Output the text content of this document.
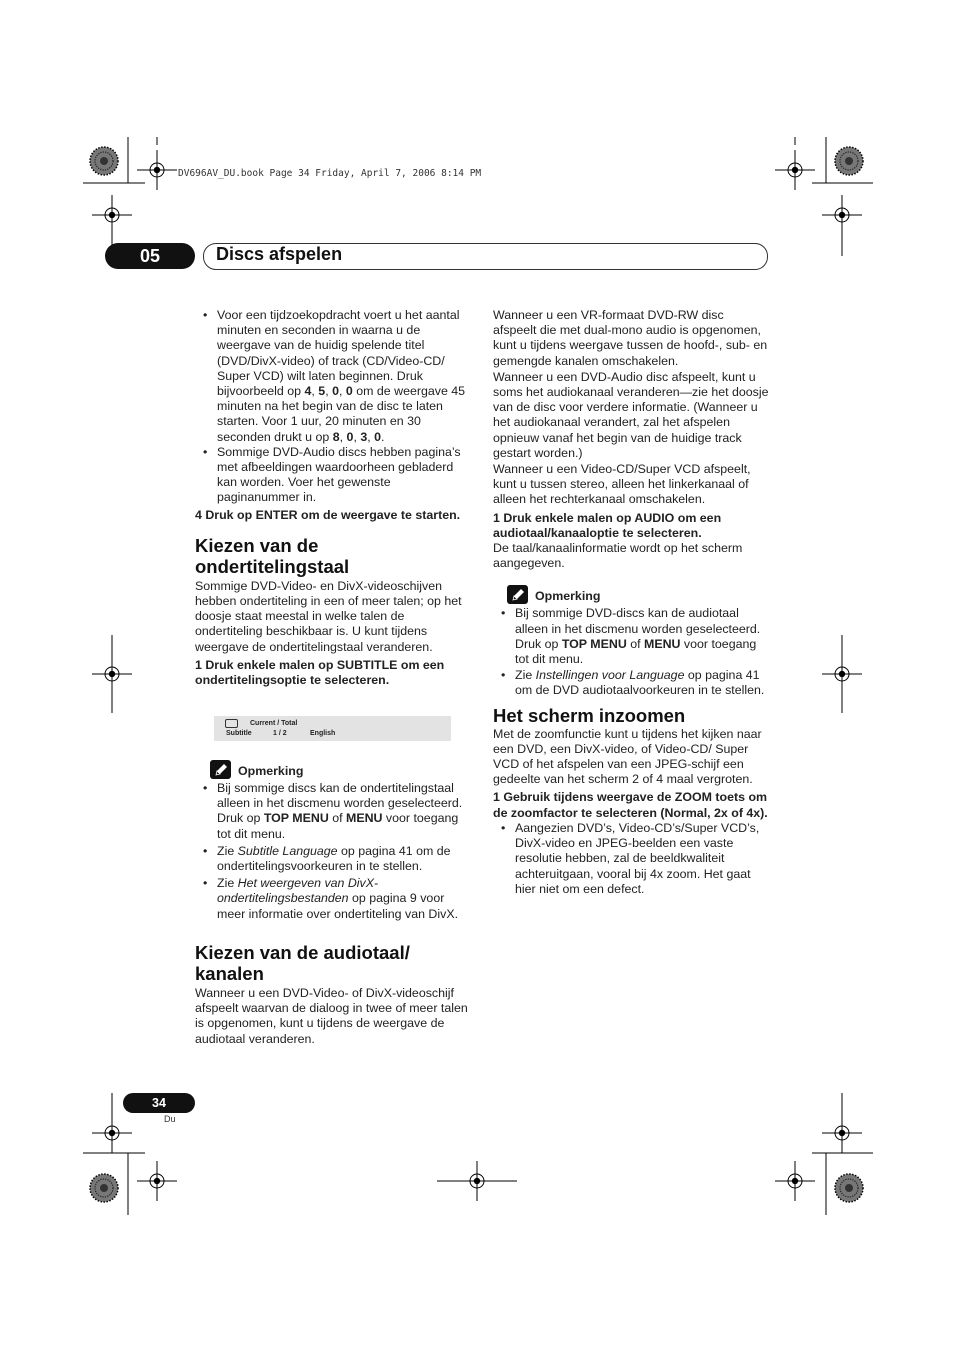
DV696AV_DU.book Page 34 Friday, April 7, 2006 8:14 PM
05	Discs afspelen

• Voor een tijdzoekopdracht voert u het aantal minuten en seconden in waarna u de weergave van de huidig spelende titel (DVD/DivX-video) of track (CD/Video-CD/ Super VCD) wilt laten beginnen. Druk bijvoorbeeld op 4, 5, 0, 0 om de weergave 45 minuten na het begin van de disc te laten starten. Voor 1 uur, 20 minuten en 30 seconden drukt u op 8, 0, 3, 0.

• Sommige DVD-Audio discs hebben pagina’s met afbeeldingen waardoorheen gebladerd kan worden. Voer het gewenste paginanummer in.

4 Druk op ENTER om de weergave te starten.

Kiezen van de ondertitelingstaal

Sommige DVD-Video- en DivX-videoschijven hebben ondertiteling in een of meer talen; op het doosje staat meestal in welke talen de ondertiteling beschikbaar is. U kunt tijdens weergave de ondertitelingstaal veranderen.

1 Druk enkele malen op SUBTITLE om een ondertitelingsoptie te selecteren.

Current / Total
Subtitle	1 / 2	English
Opmerking

• Bij sommige discs kan de ondertitelingstaal alleen in het discmenu worden geselecteerd. Druk op TOP MENU of MENU voor toegang tot dit menu.

• Zie Subtitle Language op pagina 41 om de ondertitelingsvoorkeuren in te stellen.

• Zie Het weergeven van DivX-ondertitelingsbestanden op pagina 9 voor meer informatie over ondertiteling van DivX.

Kiezen van de audiotaal/ kanalen

Wanneer u een DVD-Video- of DivX-videoschijf afspeelt waarvan de dialoog in twee of meer talen is opgenomen, kunt u tijdens de weergave de audiotaal veranderen.

Wanneer u een VR-formaat DVD-RW disc afspeelt die met dual-mono audio is opgenomen, kunt u tijdens weergave tussen de hoofd-, sub- en gemengde kanalen omschakelen.

Wanneer u een DVD-Audio disc afspeelt, kunt u soms het audiokanaal veranderen—zie het doosje van de disc voor verdere informatie. (Wanneer u het audiokanaal verandert, zal het afspelen opnieuw vanaf het begin van de huidige track gestart worden.)

Wanneer u een Video-CD/Super VCD afspeelt, kunt u tussen stereo, alleen het linkerkanaal of alleen het rechterkanaal omschakelen.

1 Druk enkele malen op AUDIO om een audiotaal/kanaaloptie te selecteren.

De taal/kanaalinformatie wordt op het scherm aangegeven.

Opmerking

• Bij sommige DVD-discs kan de audiotaal alleen in het discmenu worden geselecteerd. Druk op TOP MENU of MENU voor toegang tot dit menu.

• Zie Instellingen voor Language op pagina 41 om de DVD audiotaalvoorkeuren in te stellen.

Het scherm inzoomen

Met de zoomfunctie kunt u tijdens het kijken naar een DVD, een DivX-video, of Video-CD/ Super VCD of het afspelen van een JPEG-schijf een gedeelte van het scherm 2 of 4 maal vergroten.

1 Gebruik tijdens weergave de ZOOM toets om de zoomfactor te selecteren (Normal, 2x of 4x).

• Aangezien DVD’s, Video-CD’s/Super VCD’s, DivX-video en JPEG-beelden een vaste resolutie hebben, zal de beeldkwaliteit achteruitgaan, vooral bij 4x zoom. Het gaat hier niet om een defect.

34
Du
